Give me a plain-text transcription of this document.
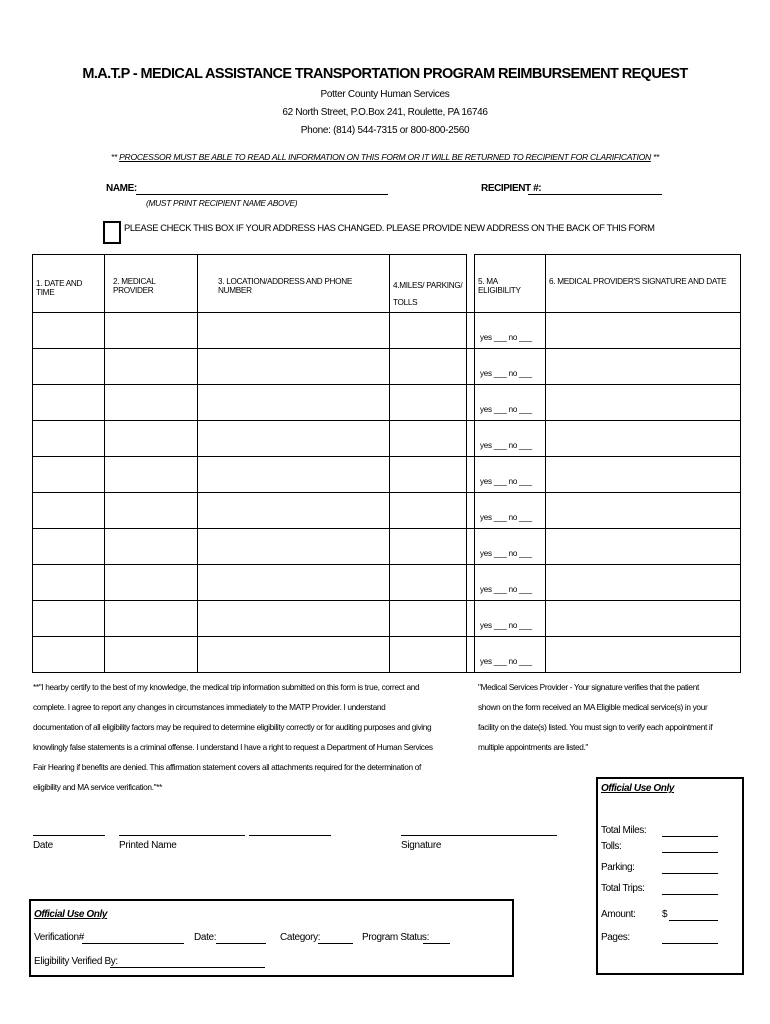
M.A.T.P - MEDICAL ASSISTANCE TRANSPORTATION PROGRAM REIMBURSEMENT REQUEST
Potter County Human Services
62 North Street, P.O.Box 241, Roulette, PA 16746
Phone: (814) 544-7315 or 800-800-2560
** PROCESSOR MUST BE ABLE TO READ ALL INFORMATION ON THIS FORM OR IT WILL BE RETURNED TO RECIPIENT FOR CLARIFICATION **
NAME:
(MUST PRINT RECIPIENT NAME ABOVE)
RECIPIENT #:
PLEASE CHECK THIS BOX IF YOUR ADDRESS HAS CHANGED. PLEASE PROVIDE NEW ADDRESS ON THE BACK OF THIS FORM
1. DATE AND TIME	2. MEDICAL PROVIDER	3. LOCATION/ADDRESS AND PHONE NUMBER	4.MILES/ PARKING/ TOLLS		5. MA ELIGIBILITY	6. MEDICAL PROVIDER'S SIGNATURE AND DATE

					yes ___ no ___	

					yes ___ no ___	

					yes ___ no ___	

					yes ___ no ___	

					yes ___ no ___	

					yes ___ no ___	

					yes ___ no ___	

					yes ___ no ___	

					yes ___ no ___	

					yes ___ no ___	

**"I hearby certify to the best of my knowledge, the medical trip information submitted on this form is true, correct and complete. I agree to report any changes in circumstances immediately to the MATP Provider. I understand documentation of all eligibility factors may be required to determine eligibility correctly or for auditing purposes and giving knowlingly false statements is a criminal offense. I understand I have a right to request a Department of Human Services Fair Hearing if benefits are denied. This affirmation statement covers all attachments required for the determination of eligibility and MA service verification."**
"Medical Services Provider - Your signature verifies that the patient shown on the form received an MA Eligible medical service(s) in your facility on the date(s) listed. You must sign to verify each appointment if multiple appointments are listed."
Date	Printed Name	Signature
Official Use Only
Verification#	Date:	Category:	Program Status:
Eligibility Verified By:
Official Use Only
Total Miles:
Tolls:
Parking:
Total Trips:
Amount:	$
Pages:
